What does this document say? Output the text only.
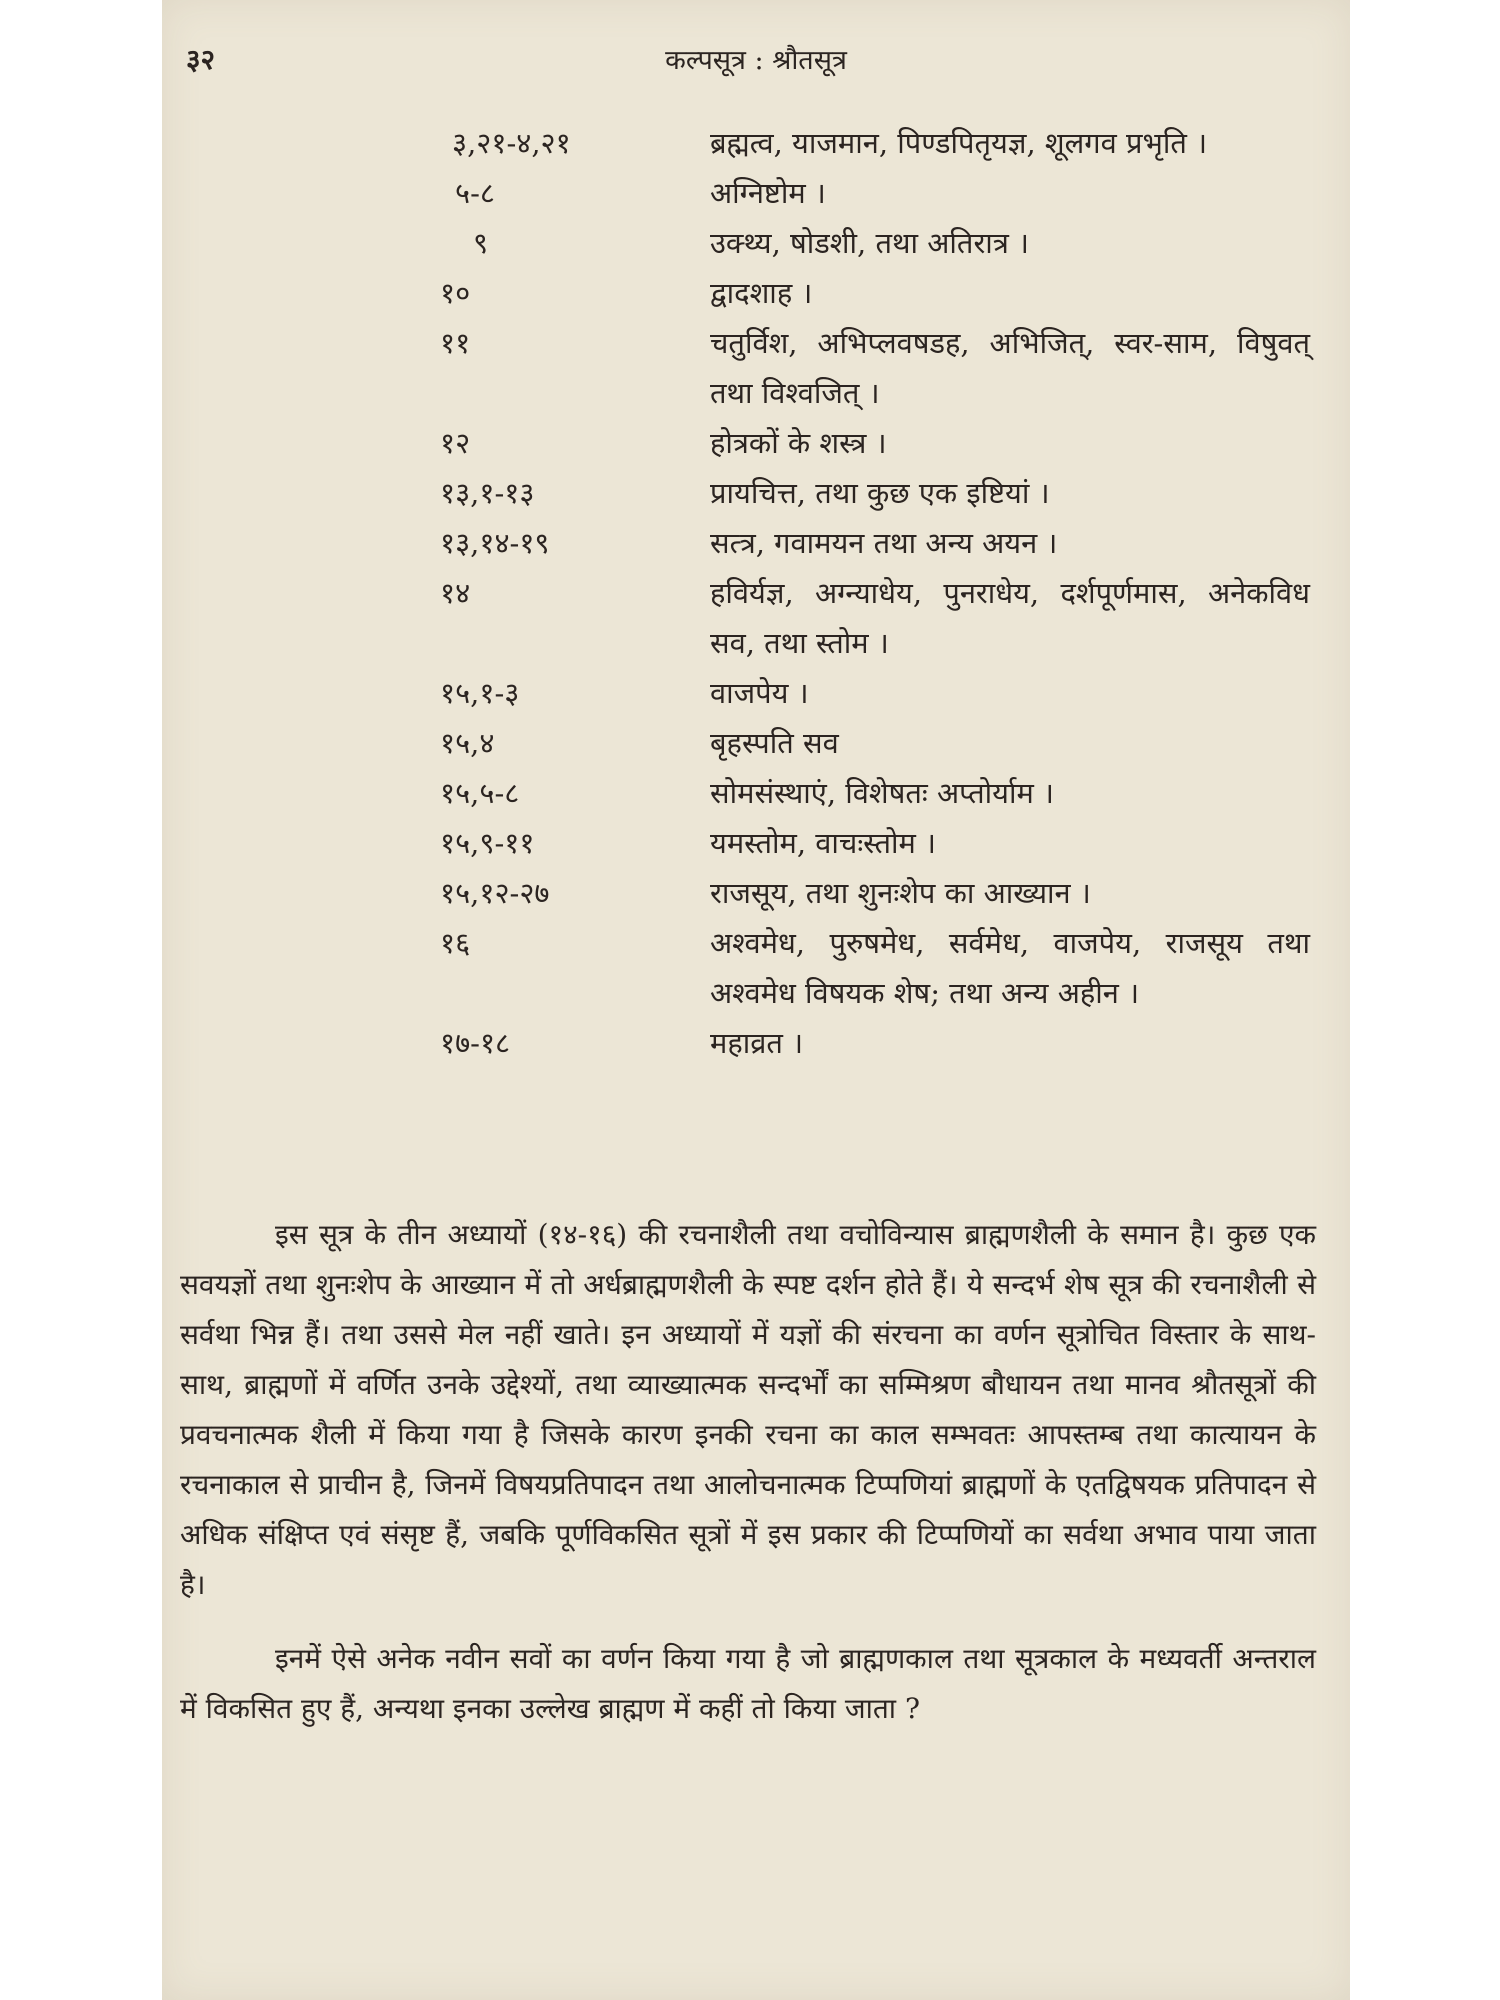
३२	कल्पसूत्र : श्रौतसूत्र
३,२१-४,२१	ब्रह्मत्व, याजमान, पिण्डपितृयज्ञ, शूलगव प्रभृति ।
५-८	अग्निष्टोम ।
९	उक्थ्य, षोडशी, तथा अतिरात्र ।
१०	द्वादशाह ।
११	चतुर्विश, अभिप्लवषडह, अभिजित्, स्वर-साम, विषुवत् तथा विश्वजित् ।
१२	होत्रकों के शस्त्र ।
१३,१-१३	प्रायचित्त, तथा कुछ एक इष्टियां ।
१३,१४-१९	सत्त्र, गवामयन तथा अन्य अयन ।
१४	हविर्यज्ञ, अग्न्याधेय, पुनराधेय, दर्शपूर्णमास, अनेकविध सव, तथा स्तोम ।
१५,१-३	वाजपेय ।
१५,४	बृहस्पति सव
१५,५-८	सोमसंस्थाएं, विशेषतः अप्तोर्याम ।
१५,९-११	यमस्तोम, वाचःस्तोम ।
१५,१२-२७	राजसूय, तथा शुनःशेप का आख्यान ।
१६	अश्वमेध, पुरुषमेध, सर्वमेध, वाजपेय, राजसूय तथा अश्वमेध विषयक शेष; तथा अन्य अहीन ।
१७-१८	महाव्रत ।

इस सूत्र के तीन अध्यायों (१४-१६) की रचनाशैली तथा वचोविन्यास ब्राह्मणशैली के समान है। कुछ एक सवयज्ञों तथा शुनःशेप के आख्यान में तो अर्धब्राह्मणशैली के स्पष्ट दर्शन होते हैं। ये सन्दर्भ शेष सूत्र की रचनाशैली से सर्वथा भिन्न हैं। तथा उससे मेल नहीं खाते। इन अध्यायों में यज्ञों की संरचना का वर्णन सूत्रोचित विस्तार के साथ-साथ, ब्राह्मणों में वर्णित उनके उद्देश्यों, तथा व्याख्यात्मक सन्दर्भों का सम्मिश्रण बौधायन तथा मानव श्रौतसूत्रों की प्रवचनात्मक शैली में किया गया है जिसके कारण इनकी रचना का काल सम्भवतः आपस्तम्ब तथा कात्यायन के रचनाकाल से प्राचीन है, जिनमें विषयप्रतिपादन तथा आलोचनात्मक टिप्पणियां ब्राह्मणों के एतद्विषयक प्रतिपादन से अधिक संक्षिप्त एवं संसृष्ट हैं, जबकि पूर्णविकसित सूत्रों में इस प्रकार की टिप्पणियों का सर्वथा अभाव पाया जाता है।

इनमें ऐसे अनेक नवीन सवों का वर्णन किया गया है जो ब्राह्मणकाल तथा सूत्रकाल के मध्यवर्ती अन्तराल में विकसित हुए हैं, अन्यथा इनका उल्लेख ब्राह्मण में कहीं तो किया जाता ?
